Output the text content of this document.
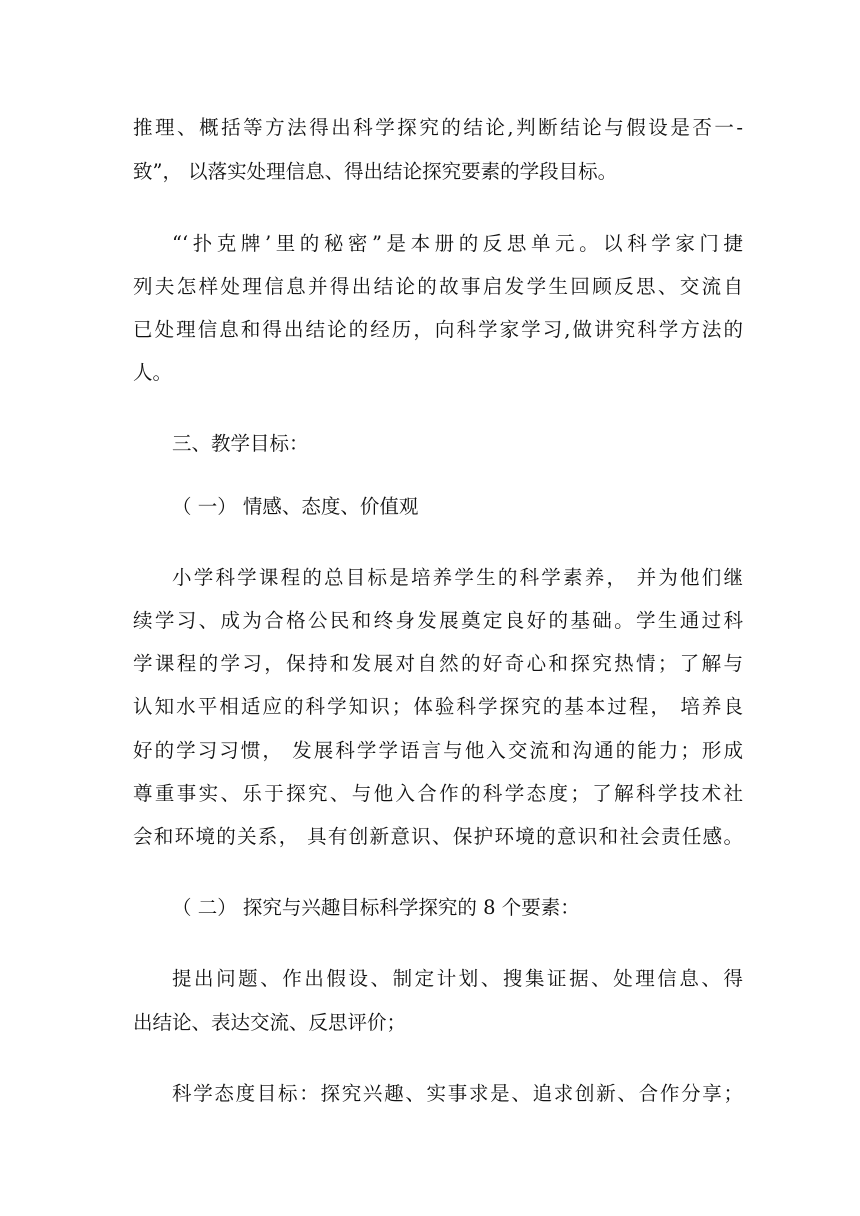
推理、概括等方法得出科学探究的结论,判断结论与假设是否一-
致”， 以落实处理信息、得出结论探究要素的学段目标。
“‘扑克牌’里的秘密”是本册的反思单元。以科学家门捷
列夫怎样处理信息并得出结论的故事启发学生回顾反思、交流自
已处理信息和得出结论的经历，向科学家学习,做讲究科学方法的
人。
三、教学目标：
（ 一） 情感、态度、价值观
小学科学课程的总目标是培养学生的科学素养， 并为他们继
续学习、成为合格公民和终身发展奠定良好的基础。学生通过科
学课程的学习，保持和发展对自然的好奇心和探究热情；了解与
认知水平相适应的科学知识；体验科学探究的基本过程， 培养良
好的学习习惯， 发展科学学语言与他入交流和沟通的能力；形成
尊重事实、乐于探究、与他入合作的科学态度；了解科学技术社
会和环境的关系， 具有创新意识、保护环境的意识和社会责任感。
（ 二） 探究与兴趣目标科学探究的 8 个要素：
提出问题、作出假设、制定计划、搜集证据、处理信息、得
出结论、表达交流、反思评价；
科学态度目标：探究兴趣、实事求是、追求创新、合作分享；
